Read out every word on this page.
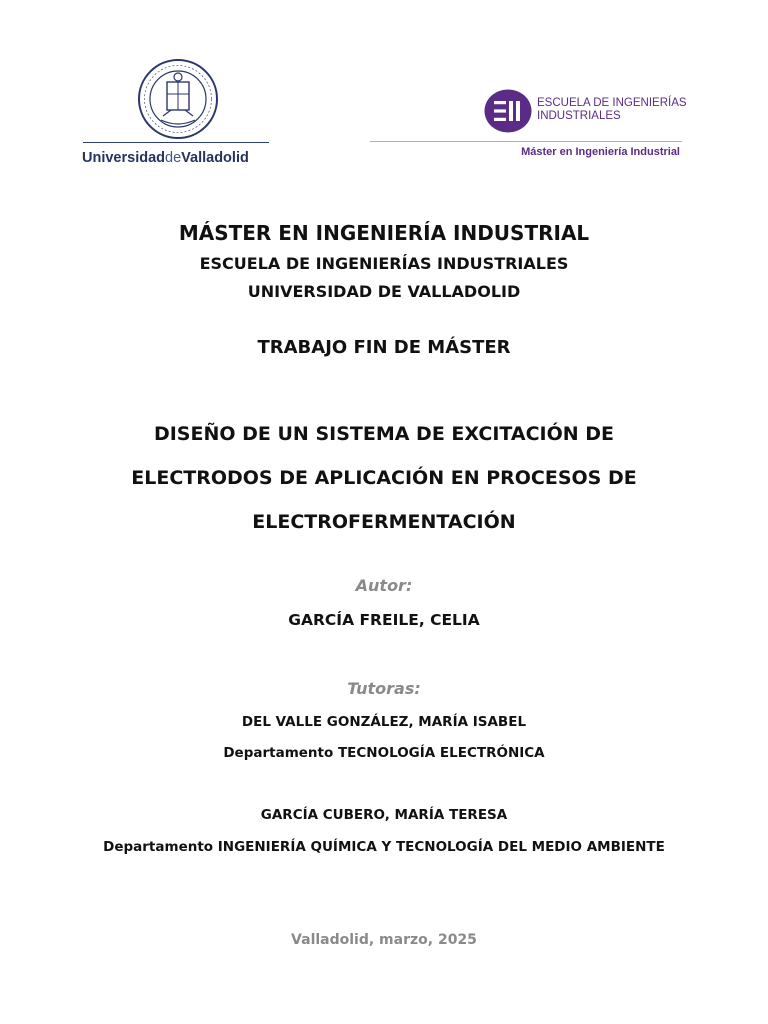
UniversidaddeValladolid
ESCUELA DE INGENIERÍAS
INDUSTRIALES
Máster en Ingeniería Industrial
MÁSTER EN INGENIERÍA INDUSTRIAL
ESCUELA DE INGENIERÍAS INDUSTRIALES
UNIVERSIDAD DE VALLADOLID
TRABAJO FIN DE MÁSTER
DISEÑO DE UN SISTEMA DE EXCITACIÓN DE
ELECTRODOS DE APLICACIÓN EN PROCESOS DE
ELECTROFERMENTACIÓN
Autor:
GARCÍA FREILE, CELIA
Tutoras:
DEL VALLE GONZÁLEZ, MARÍA ISABEL
Departamento TECNOLOGÍA ELECTRÓNICA
GARCÍA CUBERO, MARÍA TERESA
Departamento INGENIERÍA QUÍMICA Y TECNOLOGÍA DEL MEDIO AMBIENTE
Valladolid, marzo, 2025
